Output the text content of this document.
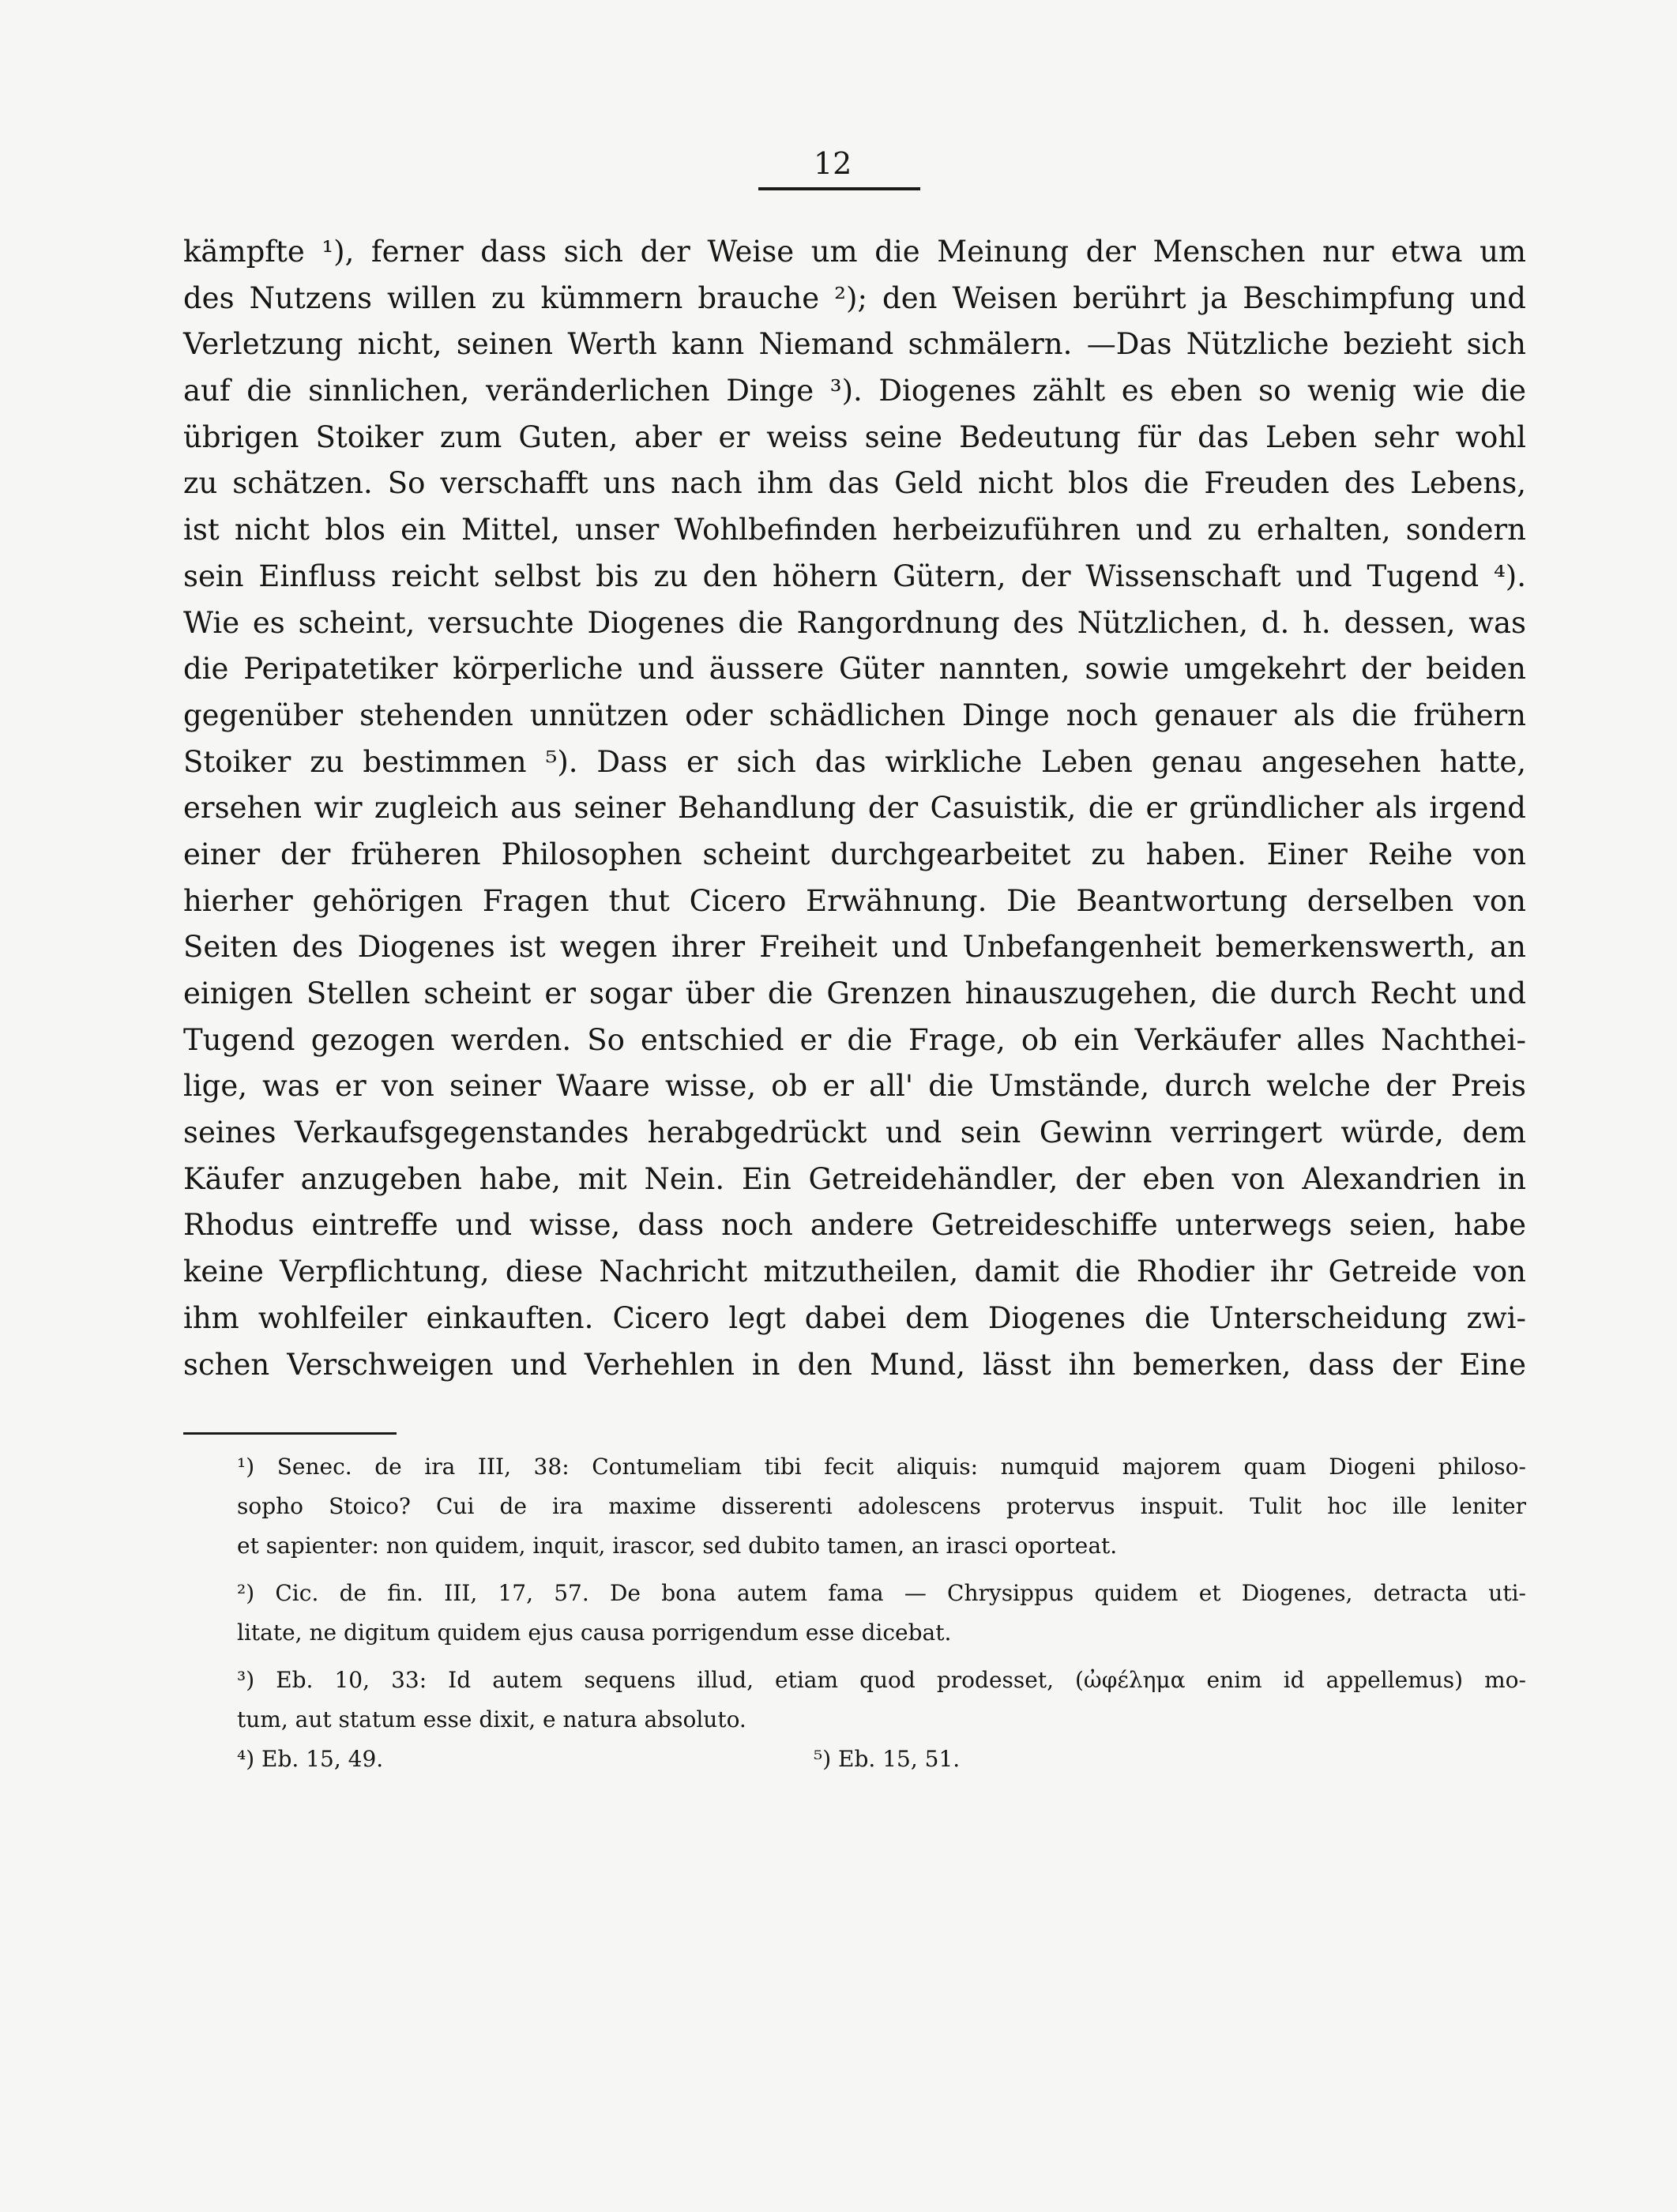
12
kämpfte ¹), ferner dass sich der Weise um die Meinung der Menschen nur etwa um
des Nutzens willen zu kümmern brauche ²); den Weisen berührt ja Beschimpfung und
Verletzung nicht, seinen Werth kann Niemand schmälern. —Das Nützliche bezieht sich
auf die sinnlichen, veränderlichen Dinge ³). Diogenes zählt es eben so wenig wie die
übrigen Stoiker zum Guten, aber er weiss seine Bedeutung für das Leben sehr wohl
zu schätzen. So verschafft uns nach ihm das Geld nicht blos die Freuden des Lebens,
ist nicht blos ein Mittel, unser Wohlbefinden herbeizuführen und zu erhalten, sondern
sein Einfluss reicht selbst bis zu den höhern Gütern, der Wissenschaft und Tugend ⁴).
Wie es scheint, versuchte Diogenes die Rangordnung des Nützlichen, d. h. dessen, was
die Peripatetiker körperliche und äussere Güter nannten, sowie umgekehrt der beiden
gegenüber stehenden unnützen oder schädlichen Dinge noch genauer als die frühern
Stoiker zu bestimmen ⁵). Dass er sich das wirkliche Leben genau angesehen hatte,
ersehen wir zugleich aus seiner Behandlung der Casuistik, die er gründlicher als irgend
einer der früheren Philosophen scheint durchgearbeitet zu haben. Einer Reihe von
hierher gehörigen Fragen thut Cicero Erwähnung. Die Beantwortung derselben von
Seiten des Diogenes ist wegen ihrer Freiheit und Unbefangenheit bemerkenswerth, an
einigen Stellen scheint er sogar über die Grenzen hinauszugehen, die durch Recht und
Tugend gezogen werden. So entschied er die Frage, ob ein Verkäufer alles Nachthei-
lige, was er von seiner Waare wisse, ob er all' die Umstände, durch welche der Preis
seines Verkaufsgegenstandes herabgedrückt und sein Gewinn verringert würde, dem
Käufer anzugeben habe, mit Nein. Ein Getreidehändler, der eben von Alexandrien in
Rhodus eintreffe und wisse, dass noch andere Getreideschiffe unterwegs seien, habe
keine Verpflichtung, diese Nachricht mitzutheilen, damit die Rhodier ihr Getreide von
ihm wohlfeiler einkauften. Cicero legt dabei dem Diogenes die Unterscheidung zwi-
schen Verschweigen und Verhehlen in den Mund, lässt ihn bemerken, dass der Eine
¹) Senec. de ira III, 38: Contumeliam tibi fecit aliquis: numquid majorem quam Diogeni philoso-
sopho Stoico? Cui de ira maxime disserenti adolescens protervus inspuit. Tulit hoc ille leniter
et sapienter: non quidem, inquit, irascor, sed dubito tamen, an irasci oporteat.
²) Cic. de fin. III, 17, 57. De bona autem fama — Chrysippus quidem et Diogenes, detracta uti-
litate, ne digitum quidem ejus causa porrigendum esse dicebat.
³) Eb. 10, 33: Id autem sequens illud, etiam quod prodesset, (ὠφέλημα enim id appellemus) mo-
tum, aut statum esse dixit, e natura absoluto.
⁴) Eb. 15, 49.	⁵) Eb. 15, 51.
